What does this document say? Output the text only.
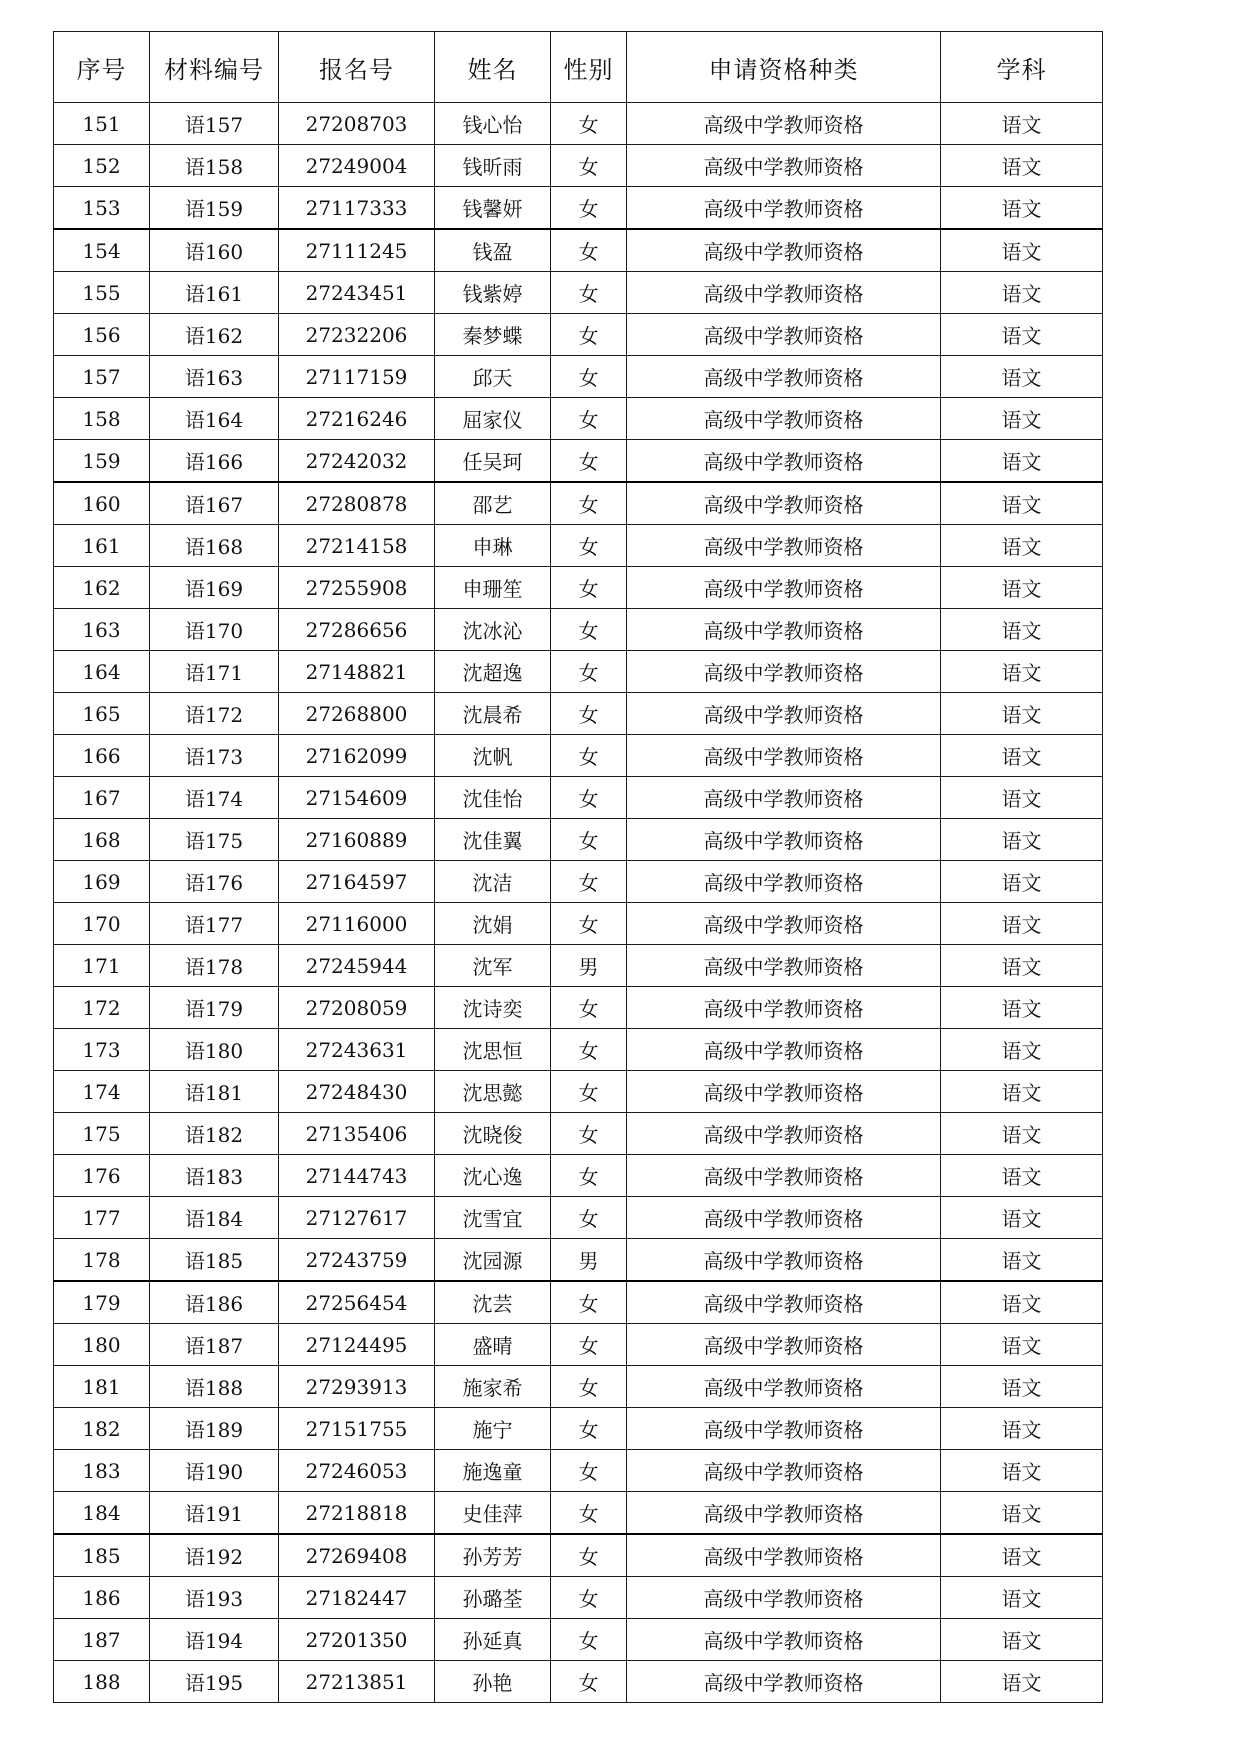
序号	材料编号	报名号	姓名	性别	申请资格种类	学科
151	语157	27208703	钱心怡	女	高级中学教师资格	语文
152	语158	27249004	钱昕雨	女	高级中学教师资格	语文
153	语159	27117333	钱馨妍	女	高级中学教师资格	语文
154	语160	27111245	钱盈	女	高级中学教师资格	语文
155	语161	27243451	钱紫婷	女	高级中学教师资格	语文
156	语162	27232206	秦梦蝶	女	高级中学教师资格	语文
157	语163	27117159	邱天	女	高级中学教师资格	语文
158	语164	27216246	屈家仪	女	高级中学教师资格	语文
159	语166	27242032	任吴珂	女	高级中学教师资格	语文
160	语167	27280878	邵艺	女	高级中学教师资格	语文
161	语168	27214158	申琳	女	高级中学教师资格	语文
162	语169	27255908	申珊笙	女	高级中学教师资格	语文
163	语170	27286656	沈冰沁	女	高级中学教师资格	语文
164	语171	27148821	沈超逸	女	高级中学教师资格	语文
165	语172	27268800	沈晨希	女	高级中学教师资格	语文
166	语173	27162099	沈帆	女	高级中学教师资格	语文
167	语174	27154609	沈佳怡	女	高级中学教师资格	语文
168	语175	27160889	沈佳翼	女	高级中学教师资格	语文
169	语176	27164597	沈洁	女	高级中学教师资格	语文
170	语177	27116000	沈娟	女	高级中学教师资格	语文
171	语178	27245944	沈军	男	高级中学教师资格	语文
172	语179	27208059	沈诗奕	女	高级中学教师资格	语文
173	语180	27243631	沈思恒	女	高级中学教师资格	语文
174	语181	27248430	沈思懿	女	高级中学教师资格	语文
175	语182	27135406	沈晓俊	女	高级中学教师资格	语文
176	语183	27144743	沈心逸	女	高级中学教师资格	语文
177	语184	27127617	沈雪宜	女	高级中学教师资格	语文
178	语185	27243759	沈园源	男	高级中学教师资格	语文
179	语186	27256454	沈芸	女	高级中学教师资格	语文
180	语187	27124495	盛晴	女	高级中学教师资格	语文
181	语188	27293913	施家希	女	高级中学教师资格	语文
182	语189	27151755	施宁	女	高级中学教师资格	语文
183	语190	27246053	施逸童	女	高级中学教师资格	语文
184	语191	27218818	史佳萍	女	高级中学教师资格	语文
185	语192	27269408	孙芳芳	女	高级中学教师资格	语文
186	语193	27182447	孙璐荃	女	高级中学教师资格	语文
187	语194	27201350	孙延真	女	高级中学教师资格	语文
188	语195	27213851	孙艳	女	高级中学教师资格	语文
